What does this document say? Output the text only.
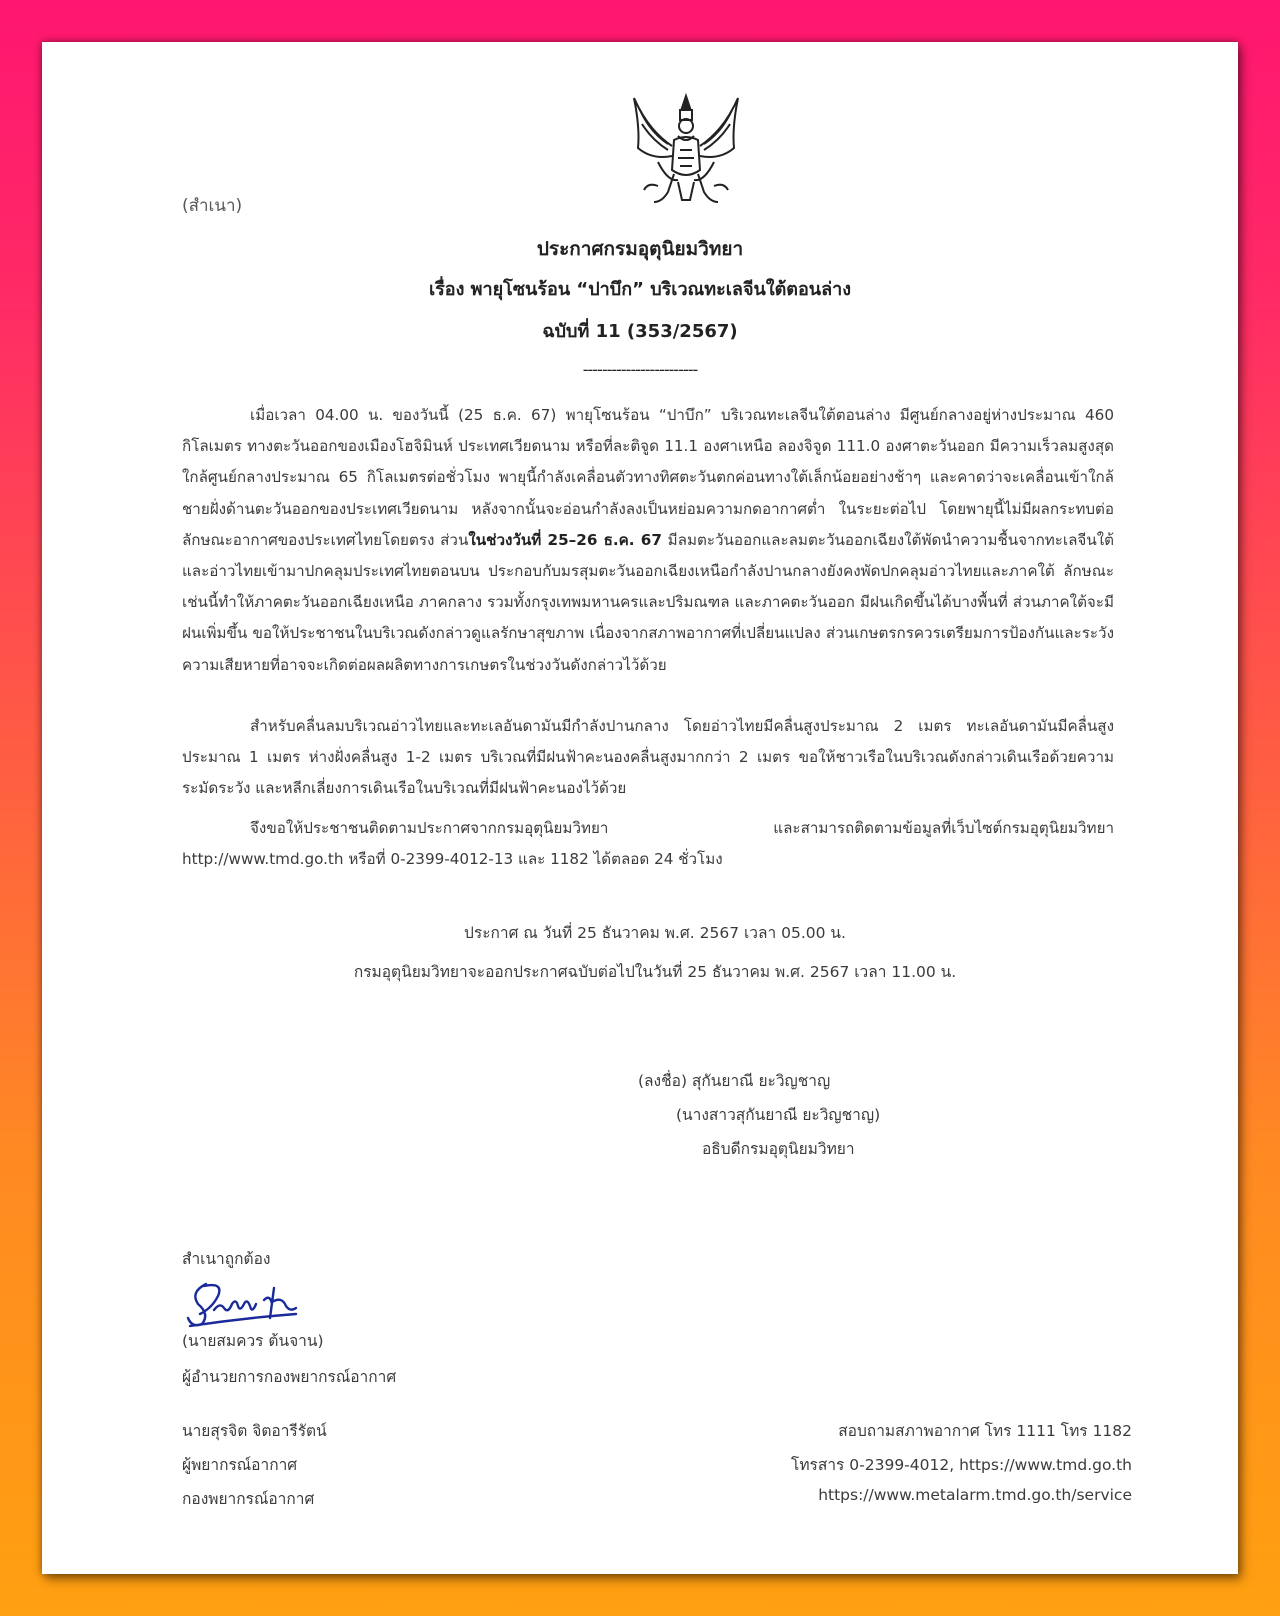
(สำเนา)
ประกาศกรมอุตุนิยมวิทยา
เรื่อง พายุโซนร้อน “ปาบึก” บริเวณทะเลจีนใต้ตอนล่าง
ฉบับที่ 11 (353/2567)
------------------------

เมื่อเวลา 04.00 น. ของวันนี้ (25 ธ.ค. 67) พายุโซนร้อน “ปาบึก” บริเวณทะเลจีนใต้ตอนล่าง มีศูนย์กลางอยู่ห่างประมาณ 460 กิโลเมตร ทางตะวันออกของเมืองโฮจิมินห์ ประเทศเวียดนาม หรือที่ละติจูด 11.1 องศาเหนือ ลองจิจูด 111.0 องศาตะวันออก มีความเร็วลมสูงสุดใกล้ศูนย์กลางประมาณ 65 กิโลเมตรต่อชั่วโมง พายุนี้กำลังเคลื่อนตัวทางทิศตะวันตกค่อนทางใต้เล็กน้อยอย่างช้าๆ และคาดว่าจะเคลื่อนเข้าใกล้ชายฝั่งด้านตะวันออกของประเทศเวียดนาม หลังจากนั้นจะอ่อนกำลังลงเป็นหย่อมความกดอากาศต่ำ ในระยะต่อไป โดยพายุนี้ไม่มีผลกระทบต่อลักษณะอากาศของประเทศไทยโดยตรง ส่วนในช่วงวันที่ 25–26 ธ.ค. 67 มีลมตะวันออกและลมตะวันออกเฉียงใต้พัดนำความชื้นจากทะเลจีนใต้และอ่าวไทยเข้ามาปกคลุมประเทศไทยตอนบน ประกอบกับมรสุมตะวันออกเฉียงเหนือกำลังปานกลางยังคงพัดปกคลุมอ่าวไทยและภาคใต้ ลักษณะเช่นนี้ทำให้ภาคตะวันออกเฉียงเหนือ ภาคกลาง รวมทั้งกรุงเทพมหานครและปริมณฑล และภาคตะวันออก มีฝนเกิดขึ้นได้บางพื้นที่ ส่วนภาคใต้จะมีฝนเพิ่มขึ้น ขอให้ประชาชนในบริเวณดังกล่าวดูแลรักษาสุขภาพ เนื่องจากสภาพอากาศที่เปลี่ยนแปลง ส่วนเกษตรกรควรเตรียมการป้องกันและระวังความเสียหายที่อาจจะเกิดต่อผลผลิตทางการเกษตรในช่วงวันดังกล่าวไว้ด้วย

สำหรับคลื่นลมบริเวณอ่าวไทยและทะเลอันดามันมีกำลังปานกลาง โดยอ่าวไทยมีคลื่นสูงประมาณ 2 เมตร ทะเลอันดามันมีคลื่นสูงประมาณ 1 เมตร ห่างฝั่งคลื่นสูง 1-2 เมตร บริเวณที่มีฝนฟ้าคะนองคลื่นสูงมากกว่า 2 เมตร ขอให้ชาวเรือในบริเวณดังกล่าวเดินเรือด้วยความระมัดระวัง และหลีกเลี่ยงการเดินเรือในบริเวณที่มีฝนฟ้าคะนองไว้ด้วย

จึงขอให้ประชาชนติดตามประกาศจากกรมอุตุนิยมวิทยา และสามารถติดตามข้อมูลที่เว็บไซต์กรมอุตุนิยมวิทยา http://www.tmd.go.th หรือที่ 0-2399-4012-13 และ 1182 ได้ตลอด 24 ชั่วโมง

ประกาศ ณ วันที่ 25 ธันวาคม พ.ศ. 2567 เวลา 05.00 น.
กรมอุตุนิยมวิทยาจะออกประกาศฉบับต่อไปในวันที่ 25 ธันวาคม พ.ศ. 2567 เวลา 11.00 น.
(ลงชื่อ) สุกันยาณี ยะวิญชาญ
(นางสาวสุกันยาณี ยะวิญชาญ)
อธิบดีกรมอุตุนิยมวิทยา
สำเนาถูกต้อง
(นายสมควร ต้นจาน)
ผู้อำนวยการกองพยากรณ์อากาศ
นายสุรจิต จิตอารีรัตน์
ผู้พยากรณ์อากาศ
กองพยากรณ์อากาศ
สอบถามสภาพอากาศ โทร 1111 โทร 1182
โทรสาร 0-2399-4012, https://www.tmd.go.th
https://www.metalarm.tmd.go.th/service
